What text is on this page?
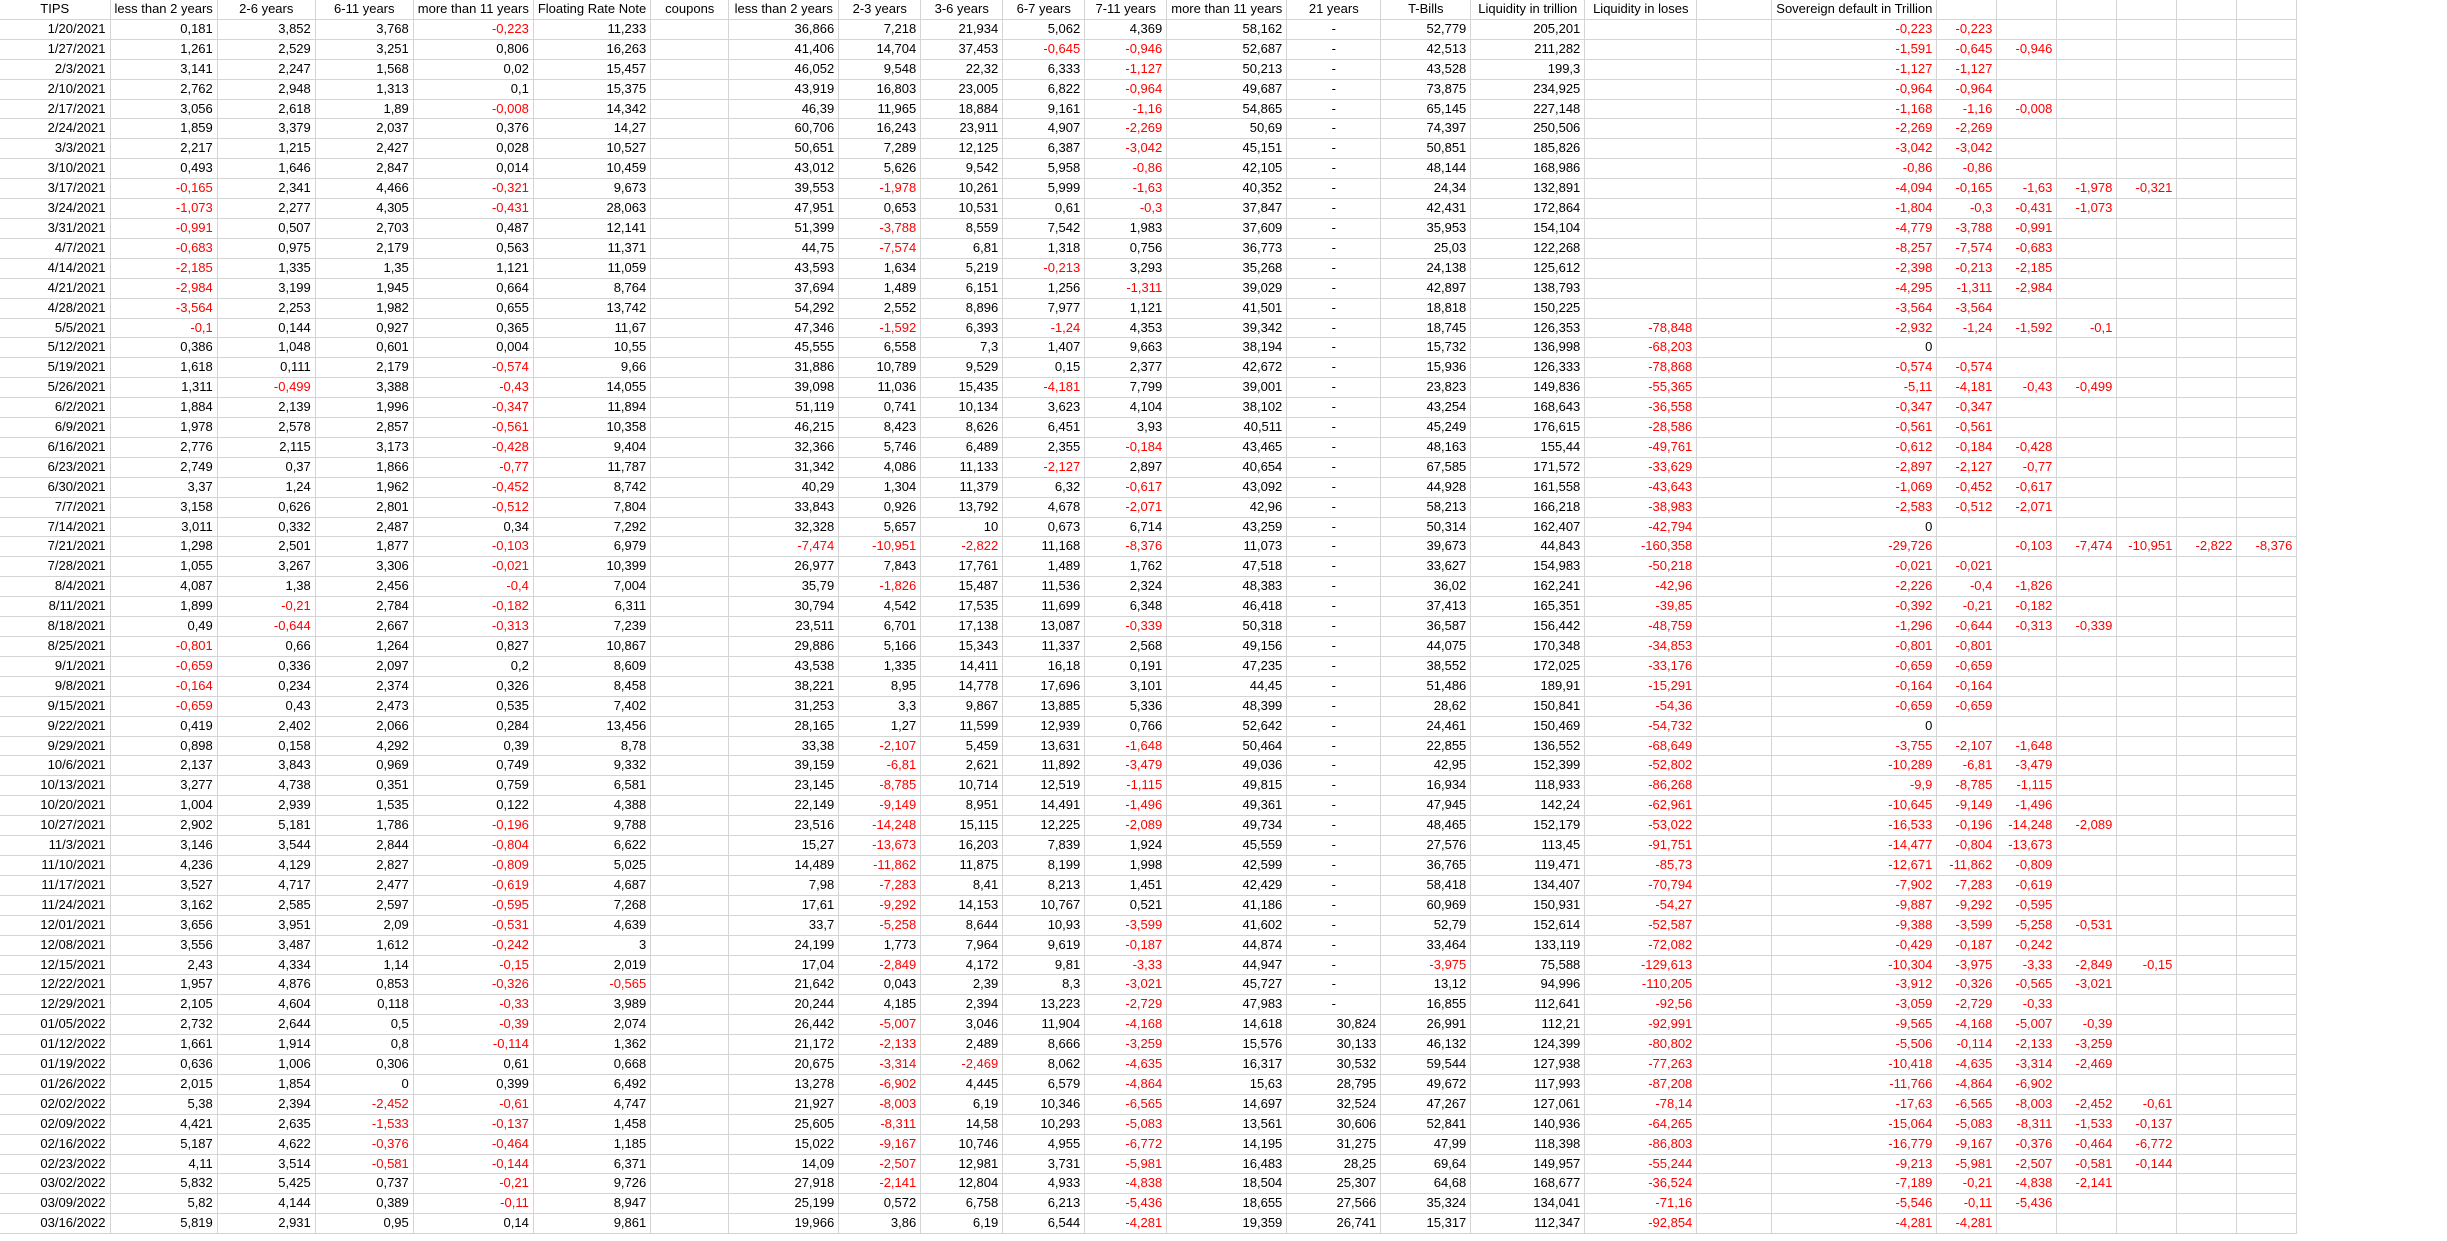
TIPS	less than 2 years	2-6 years	6-11 years	more than 11 years	Floating Rate Note	coupons	less than 2 years	2-3 years	3-6 years	6-7 years	7-11 years	more than 11 years	21 years	T-Bills	Liquidity in trillion	Liquidity in loses		Sovereign default in Trillion						
1/20/2021	0,181	3,852	3,768	-0,223	11,233		36,866	7,218	21,934	5,062	4,369	58,162	-	52,779	205,201			-0,223	-0,223					
1/27/2021	1,261	2,529	3,251	0,806	16,263		41,406	14,704	37,453	-0,645	-0,946	52,687	-	42,513	211,282			-1,591	-0,645	-0,946				
2/3/2021	3,141	2,247	1,568	0,02	15,457		46,052	9,548	22,32	6,333	-1,127	50,213	-	43,528	199,3			-1,127	-1,127					
2/10/2021	2,762	2,948	1,313	0,1	15,375		43,919	16,803	23,005	6,822	-0,964	49,687	-	73,875	234,925			-0,964	-0,964					
2/17/2021	3,056	2,618	1,89	-0,008	14,342		46,39	11,965	18,884	9,161	-1,16	54,865	-	65,145	227,148			-1,168	-1,16	-0,008				
2/24/2021	1,859	3,379	2,037	0,376	14,27		60,706	16,243	23,911	4,907	-2,269	50,69	-	74,397	250,506			-2,269	-2,269					
3/3/2021	2,217	1,215	2,427	0,028	10,527		50,651	7,289	12,125	6,387	-3,042	45,151	-	50,851	185,826			-3,042	-3,042					
3/10/2021	0,493	1,646	2,847	0,014	10,459		43,012	5,626	9,542	5,958	-0,86	42,105	-	48,144	168,986			-0,86	-0,86					
3/17/2021	-0,165	2,341	4,466	-0,321	9,673		39,553	-1,978	10,261	5,999	-1,63	40,352	-	24,34	132,891			-4,094	-0,165	-1,63	-1,978	-0,321		
3/24/2021	-1,073	2,277	4,305	-0,431	28,063		47,951	0,653	10,531	0,61	-0,3	37,847	-	42,431	172,864			-1,804	-0,3	-0,431	-1,073			
3/31/2021	-0,991	0,507	2,703	0,487	12,141		51,399	-3,788	8,559	7,542	1,983	37,609	-	35,953	154,104			-4,779	-3,788	-0,991				
4/7/2021	-0,683	0,975	2,179	0,563	11,371		44,75	-7,574	6,81	1,318	0,756	36,773	-	25,03	122,268			-8,257	-7,574	-0,683				
4/14/2021	-2,185	1,335	1,35	1,121	11,059		43,593	1,634	5,219	-0,213	3,293	35,268	-	24,138	125,612			-2,398	-0,213	-2,185				
4/21/2021	-2,984	3,199	1,945	0,664	8,764		37,694	1,489	6,151	1,256	-1,311	39,029	-	42,897	138,793			-4,295	-1,311	-2,984				
4/28/2021	-3,564	2,253	1,982	0,655	13,742		54,292	2,552	8,896	7,977	1,121	41,501	-	18,818	150,225			-3,564	-3,564					
5/5/2021	-0,1	0,144	0,927	0,365	11,67		47,346	-1,592	6,393	-1,24	4,353	39,342	-	18,745	126,353	-78,848		-2,932	-1,24	-1,592	-0,1			
5/12/2021	0,386	1,048	0,601	0,004	10,55		45,555	6,558	7,3	1,407	9,663	38,194	-	15,732	136,998	-68,203		0						
5/19/2021	1,618	0,111	2,179	-0,574	9,66		31,886	10,789	9,529	0,15	2,377	42,672	-	15,936	126,333	-78,868		-0,574	-0,574					
5/26/2021	1,311	-0,499	3,388	-0,43	14,055		39,098	11,036	15,435	-4,181	7,799	39,001	-	23,823	149,836	-55,365		-5,11	-4,181	-0,43	-0,499			
6/2/2021	1,884	2,139	1,996	-0,347	11,894		51,119	0,741	10,134	3,623	4,104	38,102	-	43,254	168,643	-36,558		-0,347	-0,347					
6/9/2021	1,978	2,578	2,857	-0,561	10,358		46,215	8,423	8,626	6,451	3,93	40,511	-	45,249	176,615	-28,586		-0,561	-0,561					
6/16/2021	2,776	2,115	3,173	-0,428	9,404		32,366	5,746	6,489	2,355	-0,184	43,465	-	48,163	155,44	-49,761		-0,612	-0,184	-0,428				
6/23/2021	2,749	0,37	1,866	-0,77	11,787		31,342	4,086	11,133	-2,127	2,897	40,654	-	67,585	171,572	-33,629		-2,897	-2,127	-0,77				
6/30/2021	3,37	1,24	1,962	-0,452	8,742		40,29	1,304	11,379	6,32	-0,617	43,092	-	44,928	161,558	-43,643		-1,069	-0,452	-0,617				
7/7/2021	3,158	0,626	2,801	-0,512	7,804		33,843	0,926	13,792	4,678	-2,071	42,96	-	58,213	166,218	-38,983		-2,583	-0,512	-2,071				
7/14/2021	3,011	0,332	2,487	0,34	7,292		32,328	5,657	10	0,673	6,714	43,259	-	50,314	162,407	-42,794		0						
7/21/2021	1,298	2,501	1,877	-0,103	6,979		-7,474	-10,951	-2,822	11,168	-8,376	11,073	-	39,673	44,843	-160,358		-29,726		-0,103	-7,474	-10,951	-2,822	-8,376
7/28/2021	1,055	3,267	3,306	-0,021	10,399		26,977	7,843	17,761	1,489	1,762	47,518	-	33,627	154,983	-50,218		-0,021	-0,021					
8/4/2021	4,087	1,38	2,456	-0,4	7,004		35,79	-1,826	15,487	11,536	2,324	48,383	-	36,02	162,241	-42,96		-2,226	-0,4	-1,826				
8/11/2021	1,899	-0,21	2,784	-0,182	6,311		30,794	4,542	17,535	11,699	6,348	46,418	-	37,413	165,351	-39,85		-0,392	-0,21	-0,182				
8/18/2021	0,49	-0,644	2,667	-0,313	7,239		23,511	6,701	17,138	13,087	-0,339	50,318	-	36,587	156,442	-48,759		-1,296	-0,644	-0,313	-0,339			
8/25/2021	-0,801	0,66	1,264	0,827	10,867		29,886	5,166	15,343	11,337	2,568	49,156	-	44,075	170,348	-34,853		-0,801	-0,801					
9/1/2021	-0,659	0,336	2,097	0,2	8,609		43,538	1,335	14,411	16,18	0,191	47,235	-	38,552	172,025	-33,176		-0,659	-0,659					
9/8/2021	-0,164	0,234	2,374	0,326	8,458		38,221	8,95	14,778	17,696	3,101	44,45	-	51,486	189,91	-15,291		-0,164	-0,164					
9/15/2021	-0,659	0,43	2,473	0,535	7,402		31,253	3,3	9,867	13,885	5,336	48,399	-	28,62	150,841	-54,36		-0,659	-0,659					
9/22/2021	0,419	2,402	2,066	0,284	13,456		28,165	1,27	11,599	12,939	0,766	52,642	-	24,461	150,469	-54,732		0						
9/29/2021	0,898	0,158	4,292	0,39	8,78		33,38	-2,107	5,459	13,631	-1,648	50,464	-	22,855	136,552	-68,649		-3,755	-2,107	-1,648				
10/6/2021	2,137	3,843	0,969	0,749	9,332		39,159	-6,81	2,621	11,892	-3,479	49,036	-	42,95	152,399	-52,802		-10,289	-6,81	-3,479				
10/13/2021	3,277	4,738	0,351	0,759	6,581		23,145	-8,785	10,714	12,519	-1,115	49,815	-	16,934	118,933	-86,268		-9,9	-8,785	-1,115				
10/20/2021	1,004	2,939	1,535	0,122	4,388		22,149	-9,149	8,951	14,491	-1,496	49,361	-	47,945	142,24	-62,961		-10,645	-9,149	-1,496				
10/27/2021	2,902	5,181	1,786	-0,196	9,788		23,516	-14,248	15,115	12,225	-2,089	49,734	-	48,465	152,179	-53,022		-16,533	-0,196	-14,248	-2,089			
11/3/2021	3,146	3,544	2,844	-0,804	6,622		15,27	-13,673	16,203	7,839	1,924	45,559	-	27,576	113,45	-91,751		-14,477	-0,804	-13,673				
11/10/2021	4,236	4,129	2,827	-0,809	5,025		14,489	-11,862	11,875	8,199	1,998	42,599	-	36,765	119,471	-85,73		-12,671	-11,862	-0,809				
11/17/2021	3,527	4,717	2,477	-0,619	4,687		7,98	-7,283	8,41	8,213	1,451	42,429	-	58,418	134,407	-70,794		-7,902	-7,283	-0,619				
11/24/2021	3,162	2,585	2,597	-0,595	7,268		17,61	-9,292	14,153	10,767	0,521	41,186	-	60,969	150,931	-54,27		-9,887	-9,292	-0,595				
12/01/2021	3,656	3,951	2,09	-0,531	4,639		33,7	-5,258	8,644	10,93	-3,599	41,602	-	52,79	152,614	-52,587		-9,388	-3,599	-5,258	-0,531			
12/08/2021	3,556	3,487	1,612	-0,242	3		24,199	1,773	7,964	9,619	-0,187	44,874	-	33,464	133,119	-72,082		-0,429	-0,187	-0,242				
12/15/2021	2,43	4,334	1,14	-0,15	2,019		17,04	-2,849	4,172	9,81	-3,33	44,947	-	-3,975	75,588	-129,613		-10,304	-3,975	-3,33	-2,849	-0,15		
12/22/2021	1,957	4,876	0,853	-0,326	-0,565		21,642	0,043	2,39	8,3	-3,021	45,727	-	13,12	94,996	-110,205		-3,912	-0,326	-0,565	-3,021			
12/29/2021	2,105	4,604	0,118	-0,33	3,989		20,244	4,185	2,394	13,223	-2,729	47,983	-	16,855	112,641	-92,56		-3,059	-2,729	-0,33				
01/05/2022	2,732	2,644	0,5	-0,39	2,074		26,442	-5,007	3,046	11,904	-4,168	14,618	30,824	26,991	112,21	-92,991		-9,565	-4,168	-5,007	-0,39			
01/12/2022	1,661	1,914	0,8	-0,114	1,362		21,172	-2,133	2,489	8,666	-3,259	15,576	30,133	46,132	124,399	-80,802		-5,506	-0,114	-2,133	-3,259			
01/19/2022	0,636	1,006	0,306	0,61	0,668		20,675	-3,314	-2,469	8,062	-4,635	16,317	30,532	59,544	127,938	-77,263		-10,418	-4,635	-3,314	-2,469			
01/26/2022	2,015	1,854	0	0,399	6,492		13,278	-6,902	4,445	6,579	-4,864	15,63	28,795	49,672	117,993	-87,208		-11,766	-4,864	-6,902				
02/02/2022	5,38	2,394	-2,452	-0,61	4,747		21,927	-8,003	6,19	10,346	-6,565	14,697	32,524	47,267	127,061	-78,14		-17,63	-6,565	-8,003	-2,452	-0,61		
02/09/2022	4,421	2,635	-1,533	-0,137	1,458		25,605	-8,311	14,58	10,293	-5,083	13,561	30,606	52,841	140,936	-64,265		-15,064	-5,083	-8,311	-1,533	-0,137		
02/16/2022	5,187	4,622	-0,376	-0,464	1,185		15,022	-9,167	10,746	4,955	-6,772	14,195	31,275	47,99	118,398	-86,803		-16,779	-9,167	-0,376	-0,464	-6,772		
02/23/2022	4,11	3,514	-0,581	-0,144	6,371		14,09	-2,507	12,981	3,731	-5,981	16,483	28,25	69,64	149,957	-55,244		-9,213	-5,981	-2,507	-0,581	-0,144		
03/02/2022	5,832	5,425	0,737	-0,21	9,726		27,918	-2,141	12,804	4,933	-4,838	18,504	25,307	64,68	168,677	-36,524		-7,189	-0,21	-4,838	-2,141			
03/09/2022	5,82	4,144	0,389	-0,11	8,947		25,199	0,572	6,758	6,213	-5,436	18,655	27,566	35,324	134,041	-71,16		-5,546	-0,11	-5,436				
03/16/2022	5,819	2,931	0,95	0,14	9,861		19,966	3,86	6,19	6,544	-4,281	19,359	26,741	15,317	112,347	-92,854		-4,281	-4,281					
